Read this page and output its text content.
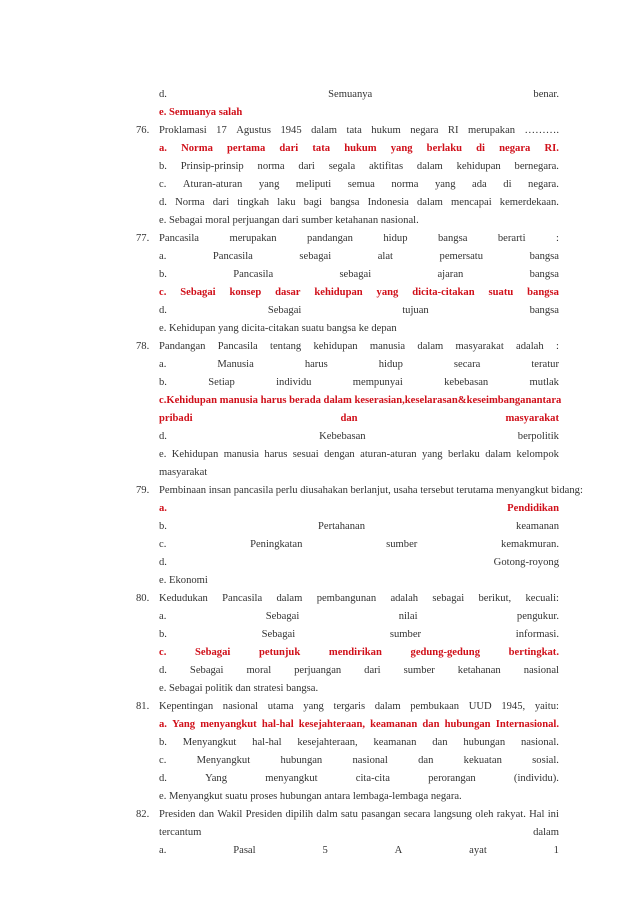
d.	Semuanya	benar.
e. Semuanya salah
76. Proklamasi 17 Agustus 1945 dalam tata hukum negara RI merupakan ……….
a. Norma pertama dari tata hukum yang berlaku di negara RI.
b. Prinsip-prinsip norma dari segala aktifitas dalam kehidupan bernegara.
c. Aturan-aturan yang meliputi semua norma yang ada di negara.
d. Norma dari tingkah laku bagi bangsa Indonesia dalam mencapai kemerdekaan.
e. Sebagai moral perjuangan dari sumber ketahanan nasional.
77. Pancasila	merupakan	pandangan	hidup	bangsa	berarti	:
a.	Pancasila	sebagai	alat	pemersatu	bangsa
b.	Pancasila	sebagai	ajaran	bangsa
c. Sebagai konsep dasar kehidupan yang dicita-citakan suatu bangsa
d.	Sebagai	tujuan	bangsa
e. Kehidupan yang dicita-citakan suatu bangsa ke depan
78. Pandangan Pancasila tentang kehidupan manusia dalam masyarakat adalah :
a.	Manusia	harus	hidup	secara	teratur
b.	Setiap	individu	mempunyai	kebebasan	mutlak
c. Kehidupan manusia harus berada dalam keserasian, keselarasan & keseimbangan antara
pribadi	dan	masyarakat
d.	Kebebasan	berpolitik
e. Kehidupan manusia harus sesuai dengan aturan-aturan yang berlaku dalam kelompok
masyarakat
79. Pembinaan insan pancasila perlu diusahakan berlanjut, usaha tersebut terutama menyangkut bidang:
a.	Pendidikan
b.	Pertahanan	keamanan
c.	Peningkatan	sumber	kemakmuran.
d.	Gotong-royong
e. Ekonomi
80. Kedudukan Pancasila dalam pembangunan adalah sebagai berikut, kecuali:
a.	Sebagai	nilai	pengukur.
b.	Sebagai	sumber	informasi.
c.	Sebagai	petunjuk	mendirikan	gedung-gedung	bertingkat.
d. Sebagai moral perjuangan dari sumber ketahanan nasional
e. Sebagai politik dan stratesi bangsa.
81. Kepentingan nasional utama yang tergaris dalam pembukaan UUD 1945, yaitu:
a. Yang menyangkut hal-hal kesejahteraan, keamanan dan hubungan Internasional.
b. Menyangkut hal-hal kesejahteraan, keamanan dan hubungan nasional.
c.	Menyangkut	hubungan	nasional	dan	kekuatan	sosial.
d.	Yang	menyangkut	cita-cita	perorangan	(individu).
e. Menyangkut suatu proses hubungan antara lembaga-lembaga negara.
82. Presiden dan Wakil Presiden dipilih dalm satu pasangan secara langsung oleh rakyat. Hal ini
tercantum	dalam
a.	Pasal	5	A	ayat	1
